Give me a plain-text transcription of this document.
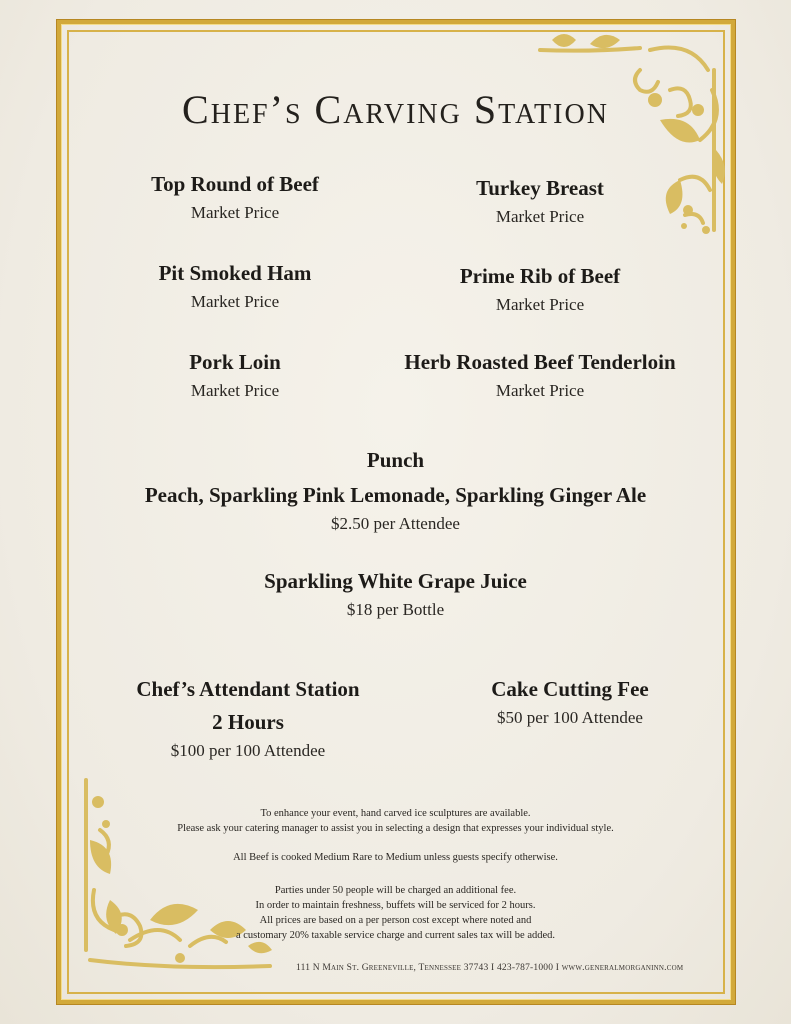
Chef’s Carving Station
Top Round of Beef
Market Price
Turkey Breast
Market Price
Pit Smoked Ham
Market Price
Prime Rib of Beef
Market Price
Pork Loin
Market Price
Herb Roasted Beef Tenderloin
Market Price
Punch
Peach, Sparkling Pink Lemonade, Sparkling Ginger Ale
$2.50 per Attendee
Sparkling White Grape Juice
$18 per Bottle
Chef’s Attendant Station
2 Hours
$100 per 100 Attendee
Cake Cutting Fee
$50 per 100 Attendee
To enhance your event, hand carved ice sculptures are available.
Please ask your catering manager to assist you in selecting a design that expresses your individual style.
All Beef is cooked Medium Rare to Medium unless guests specify otherwise.
Parties under 50 people will be charged an additional fee.
In order to maintain freshness, buffets will be serviced for 2 hours.
All prices are based on a per person cost except where noted and
a customary 20% taxable service charge and current sales tax will be added.
111 N Main St. Greeneville, Tennessee 37743 I 423-787-1000 I www.generalmorganinn.com
